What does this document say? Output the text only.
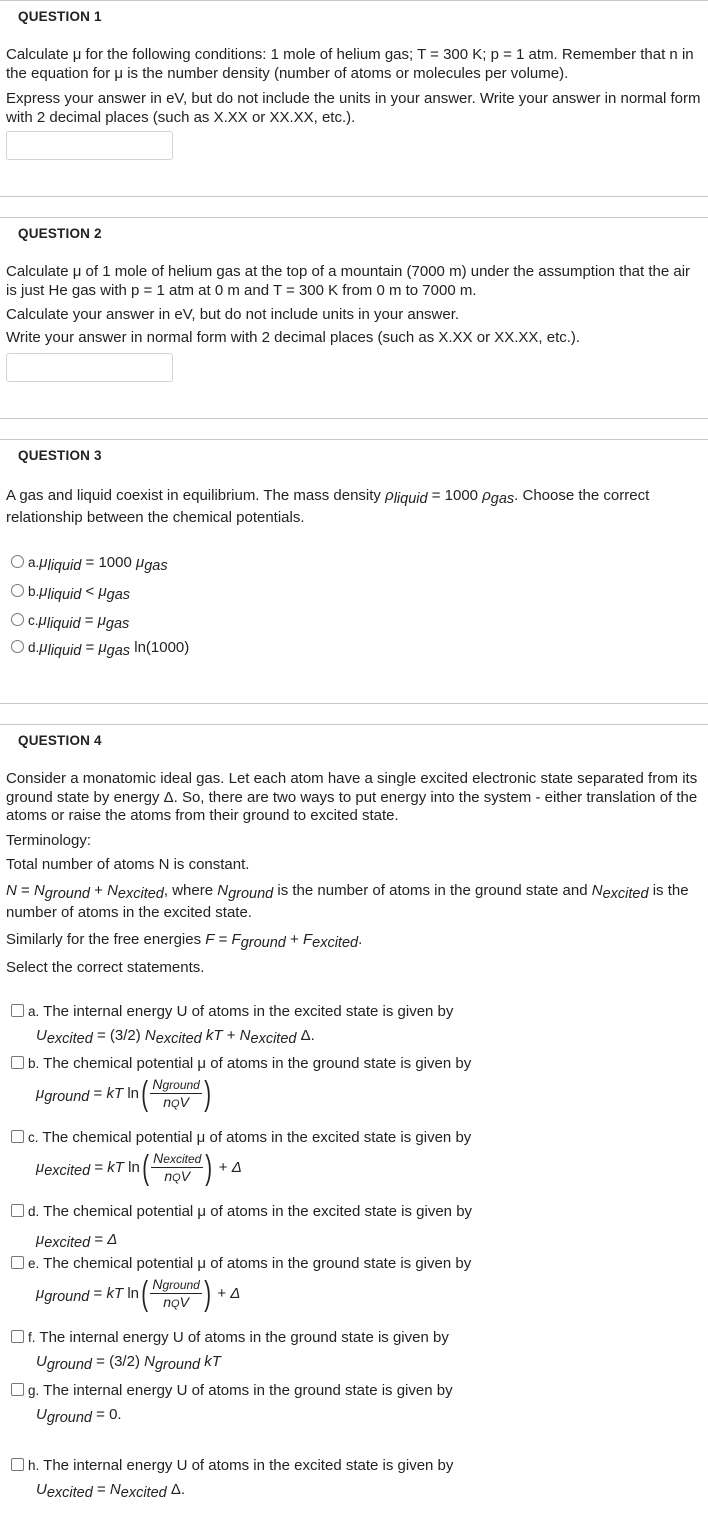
QUESTION 1
Calculate μ for the following conditions: 1 mole of helium gas; T = 300 K; p = 1 atm. Remember that n in the equation for μ is the number density (number of atoms or molecules per volume).
Express your answer in eV, but do not include the units in your answer. Write your answer in normal form with 2 decimal places (such as X.XX or XX.XX, etc.).
QUESTION 2
Calculate μ of 1 mole of helium gas at the top of a mountain (7000 m) under the assumption that the air is just He gas with p = 1 atm at 0 m and T = 300 K from 0 m to 7000 m.
Calculate your answer in eV, but do not include units in your answer.
Write your answer in normal form with 2 decimal places (such as X.XX or XX.XX, etc.).
QUESTION 3
A gas and liquid coexist in equilibrium. The mass density ρliquid = 1000 ρgas. Choose the correct relationship between the chemical potentials.
a.μliquid = 1000 μgas
b.μliquid < μgas
c.μliquid = μgas
d.μliquid = μgas ln(1000)
QUESTION 4
Consider a monatomic ideal gas. Let each atom have a single excited electronic state separated from its ground state by energy Δ. So, there are two ways to put energy into the system - either translation of the atoms or raise the atoms from their ground to excited state.
Terminology:
Total number of atoms N is constant.
N = Nground + Nexcited, where Nground is the number of atoms in the ground state and Nexcited is the number of atoms in the excited state.
Similarly for the free energies F = Fground + Fexcited.
Select the correct statements.
a. The internal energy U of atoms in the excited state is given by
Uexcited = (3/2) Nexcited kT + Nexcited Δ.
b. The chemical potential μ of atoms in the ground state is given by
μground = kT $\ln( \frac{\text{Nground}}{\text{nQV}}$ )
c. The chemical potential μ of atoms in the excited state is given by
μexcited = kT $\ln( \frac{\text{Nexcited}}{\text{nQV}}$ ) + Δ
d. The chemical potential μ of atoms in the excited state is given by
μexcited = Δ
e. The chemical potential μ of atoms in the ground state is given by
μground = kT $\ln( \frac{\text{Nground}}{\text{nQV}}$ ) + Δ
f. The internal energy U of atoms in the ground state is given by
Uground = (3/2) Nground kT
g. The internal energy U of atoms in the ground state is given by
Uground = 0.
h. The internal energy U of atoms in the excited state is given by
Uexcited = Nexcited Δ.
